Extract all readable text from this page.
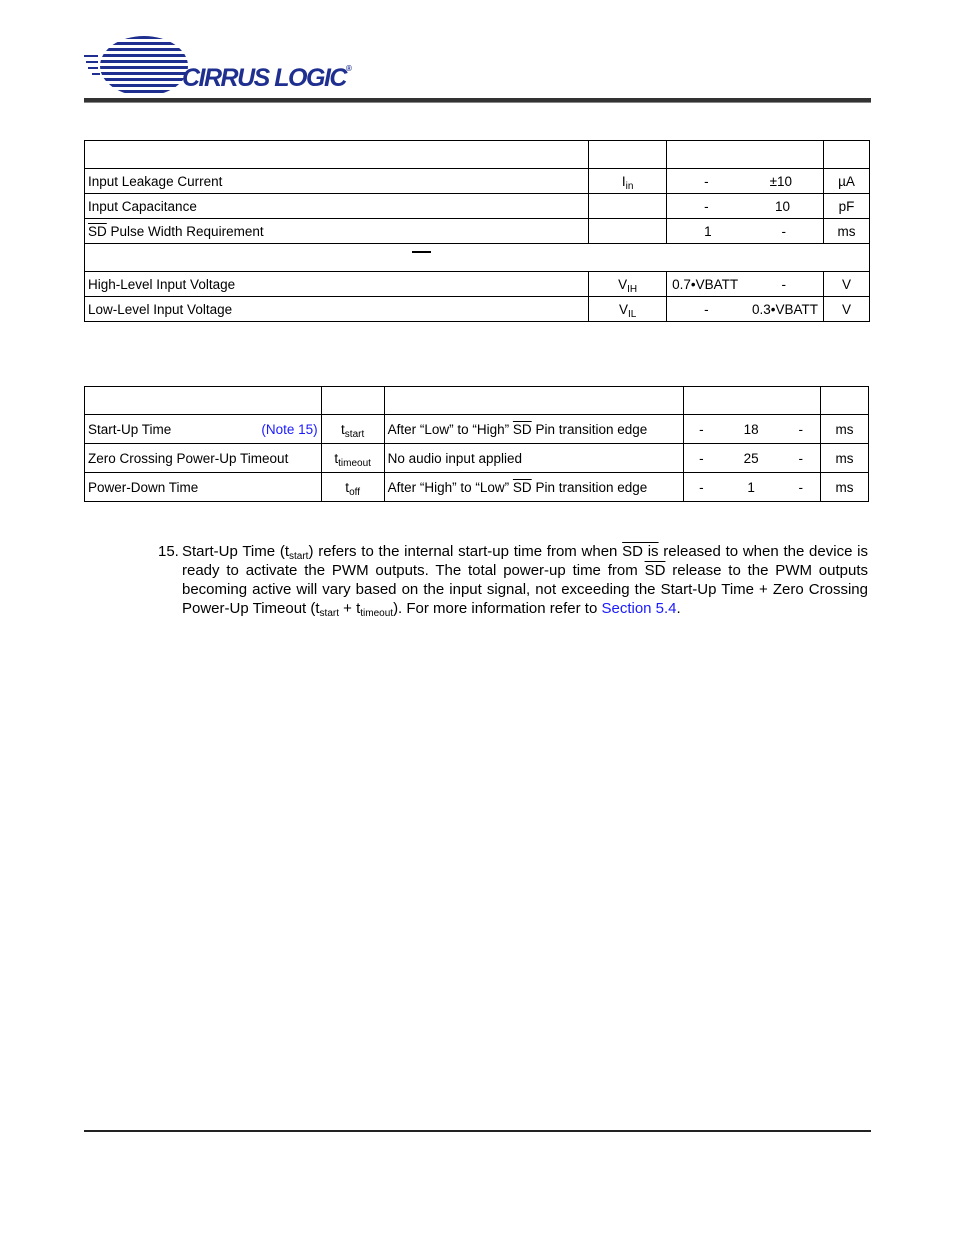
CIRRUS LOGIC®

Input Leakage Current	$I_{in}$	- ±10	µA
Input Capacitance		- 10	pF
$\overline{SD}$ Pulse Width Requirement		1 -	ms

High-Level Input Voltage	$V_{IH}$	0.7•VBATT -	V
Low-Level Input Voltage	$V_{IL}$	- 0.3•VBATT	V

Start-Up Time (Note 15)	$t_{start}$	After “Low” to “High” $\overline{SD}$ Pin transition edge	- 18 -	ms
Zero Crossing Power-Up Timeout	$t_{timeout}$	No audio input applied	- 25 -	ms
Power-Down Time	$t_{off}$	After “High” to “Low” $\overline{SD}$ Pin transition edge	- 1 -	ms
15. Start-Up Time $(t_{start})$ refers to the internal start-up time from when SD is released to when the device is ready to activate the PWM outputs. The total power-up time from $\overline{SD}$ release to the PWM outputs becoming active will vary based on the input signal, not exceeding the Start-Up Time + Zero Crossing Power-Up Timeout $(t_{start} + t_{timeout})$. For more information refer to Section 5.4.
